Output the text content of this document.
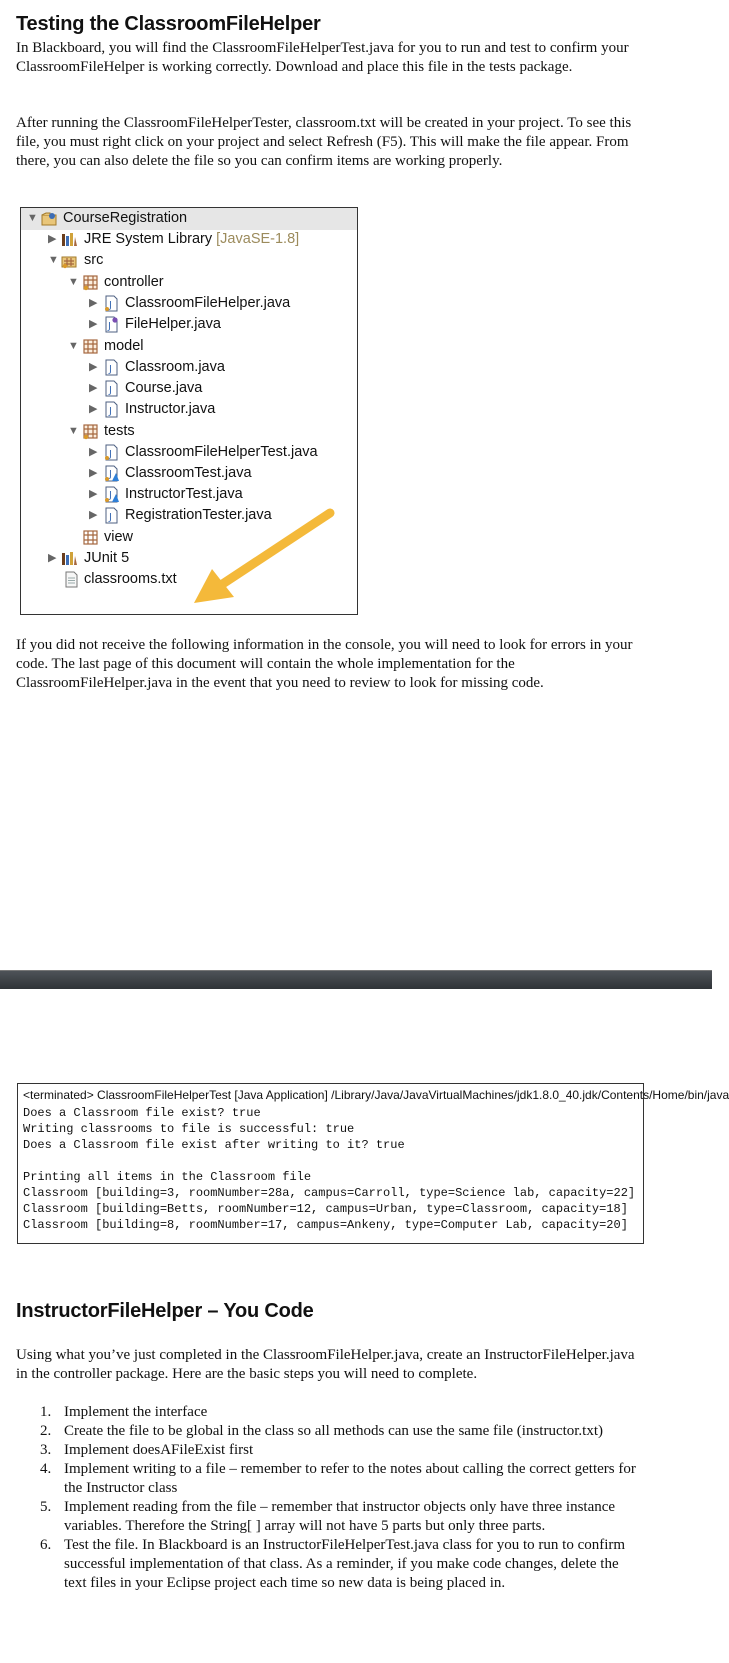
Testing the ClassroomFileHelper

In Blackboard, you will find the ClassroomFileHelperTest.java for you to run and test to confirm your ClassroomFileHelper is working correctly. Download and place this file in the tests package.

After running the ClassroomFileHelperTester, classroom.txt will be created in your project. To see this file, you must right click on your project and select Refresh (F5). This will make the file appear. From there, you can also delete the file so you can confirm items are working properly.

▼ CourseRegistration
▶ JRE System Library [JavaSE-1.8]
▼ src
▼ controller
▶	J ClassroomFileHelper.java
▶	J FileHelper.java
▼ model
▶	J Classroom.java
▶	J Course.java
▶	J Instructor.java
▼ tests
▶	J ClassroomFileHelperTest.java
▶	J ClassroomTest.java
▶	J InstructorTest.java
▶	J RegistrationTester.java
view
▶ JUnit 5
classrooms.txt

If you did not receive the following information in the console, you will need to look for errors in your code. The last page of this document will contain the whole implementation for the ClassroomFileHelper.java in the event that you need to review to look for missing code.

<terminated> ClassroomFileHelperTest [Java Application] /Library/Java/JavaVirtualMachines/jdk1.8.0_40.jdk/Contents/Home/bin/java
Does a Classroom file exist? true
Writing classrooms to file is successful: true
Does a Classroom file exist after writing to it? true

Printing all items in the Classroom file
Classroom [building=3, roomNumber=28a, campus=Carroll, type=Science lab, capacity=22]
Classroom [building=Betts, roomNumber=12, campus=Urban, type=Classroom, capacity=18]
Classroom [building=8, roomNumber=17, campus=Ankeny, type=Computer Lab, capacity=20]
InstructorFileHelper – You Code

Using what you’ve just completed in the ClassroomFileHelper.java, create an InstructorFileHelper.java in the controller package. Here are the basic steps you will need to complete.

1. Implement the interface
2. Create the file to be global in the class so all methods can use the same file (instructor.txt)
3. Implement doesAFileExist first
4. Implement writing to a file – remember to refer to the notes about calling the correct getters for the Instructor class
5. Implement reading from the file – remember that instructor objects only have three instance variables. Therefore the String[ ] array will not have 5 parts but only three parts.
6. Test the file. In Blackboard is an InstructorFileHelperTest.java class for you to run to confirm successful implementation of that class. As a reminder, if you make code changes, delete the text files in your Eclipse project each time so new data is being placed in.
